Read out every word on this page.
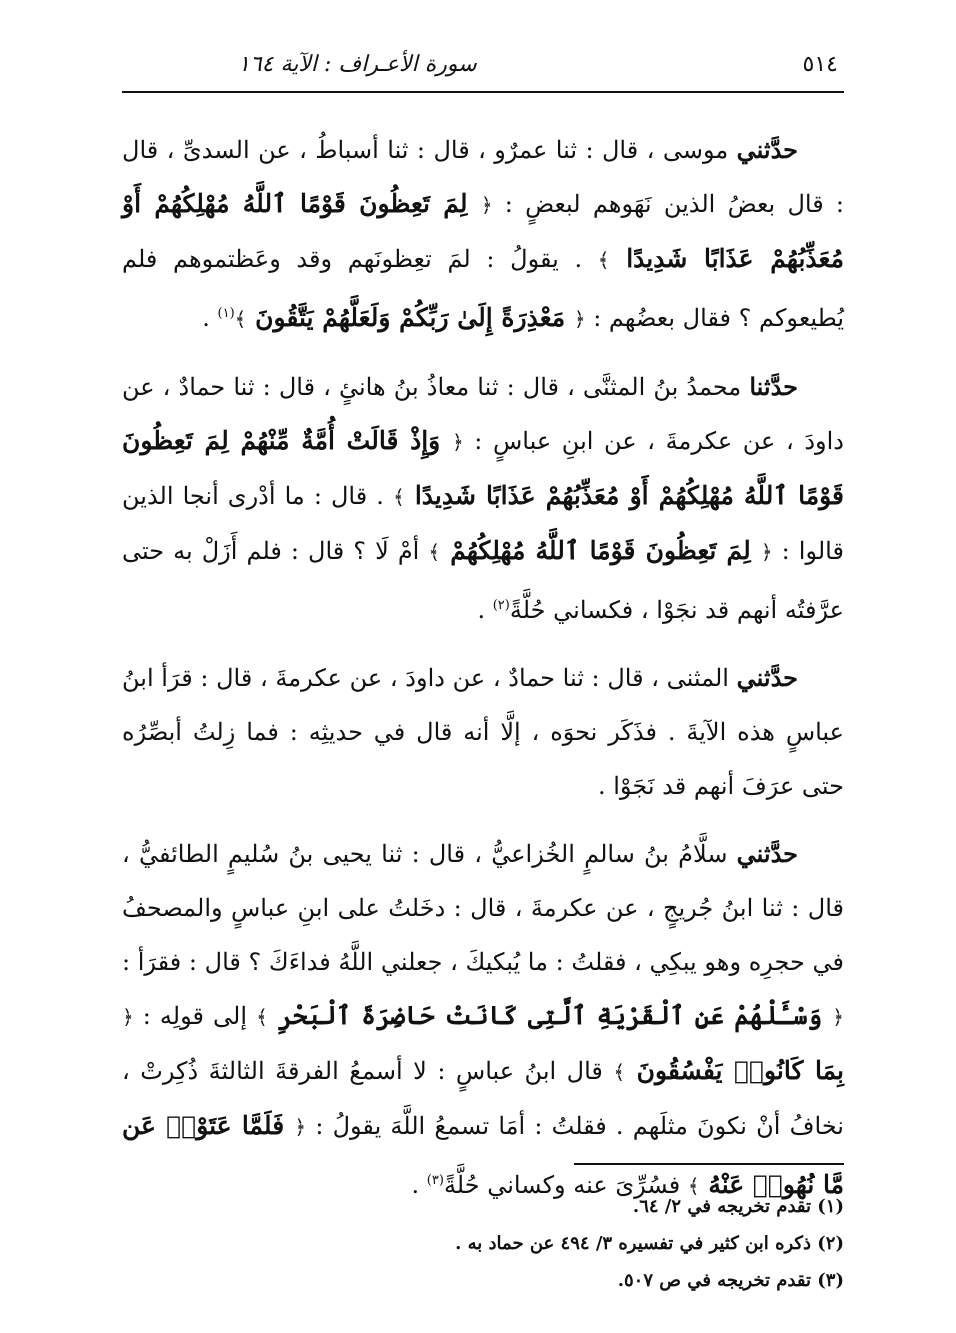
٥١٤
سورة الأعـراف : الآية ١٦٤

حدَّثني موسى ، قال : ثنا عمرٌو ، قال : ثنا أسباطُ ، عن السدىِّ ، قال : قال بعضُ الذين نَهَوهم لبعضٍ : ﴿ لِمَ تَعِظُونَ قَوْمًا ٱللَّهُ مُهْلِكُهُمْ أَوْ مُعَذِّبُهُمْ عَذَابًا شَدِيدًا ﴾ . يقولُ : لمَ تعِظونَهم وقد وعَظتموهم فلم يُطيعوكم ؟ فقال بعضُهم : ﴿ مَعْذِرَةً إِلَىٰ رَبِّكُمْ وَلَعَلَّهُمْ يَتَّقُونَ ﴾$^{(١)}$ .

حدَّثنا محمدُ بنُ المثنَّى ، قال : ثنا معاذُ بنُ هانئٍ ، قال : ثنا حمادٌ ، عن داودَ ، عن عكرمةَ ، عن ابنِ عباسٍ : ﴿ وَإِذْ قَالَتْ أُمَّةٌ مِّنْهُمْ لِمَ تَعِظُونَ قَوْمًا ٱللَّهُ مُهْلِكُهُمْ أَوْ مُعَذِّبُهُمْ عَذَابًا شَدِيدًا ﴾ . قال : ما أدْرى أنجا الذين قالوا : ﴿ لِمَ تَعِظُونَ قَوْمًا ٱللَّهُ مُهْلِكُهُمْ ﴾ أمْ لَا ؟ قال : فلم أَزَلْ به حتى عرَّفتُه أنهم قد نجَوْا ، فكساني حُلَّةً$^{(٢)}$ .

حدَّثني المثنى ، قال : ثنا حمادٌ ، عن داودَ ، عن عكرمةَ ، قال : قرَأ ابنُ عباسٍ هذه الآيةَ . فذَكَر نحوَه ، إلَّا أنه قال في حديثِه : فما زِلتُ أبصِّرُه حتى عرَفَ أنهم قد نَجَوْا .

حدَّثني سلَّامُ بنُ سالمٍ الخُزاعيُّ ، قال : ثنا يحيى بنُ سُليمٍ الطائفيُّ ، قال : ثنا ابنُ جُريجٍ ، عن عكرمةَ ، قال : دخَلتُ على ابنِ عباسٍ والمصحفُ في حجرِه وهو يبكِي ، فقلتُ : ما يُبكيكَ ، جعلني اللَّهُ فداءَكَ ؟ قال : فقرَأ : ﴿ وَسْـَٔلْهُمْ عَنِ ٱلْقَرْيَةِ ٱلَّتِى كَانَتْ حَاضِرَةَ ٱلْبَحْرِ ﴾ إلى قولِه : ﴿ بِمَا كَانُوا۟ يَفْسُقُونَ ﴾ قال ابنُ عباسٍ : لا أسمعُ الفرقةَ الثالثةَ ذُكِرتْ ، نخافُ أنْ نكونَ مثلَهم . فقلتُ : أمَا تسمعُ اللَّهَ يقولُ : ﴿ فَلَمَّا عَتَوْا۟ عَن مَّا نُهُوا۟ عَنْهُ ﴾ فسُرِّىَ عنه وكساني حُلَّةً$^{(٣)}$ .

(١) تقدم تخريجه في ٢/ ٦٤.
(٢) ذكره ابن كثير في تفسيره ٣/ ٤٩٤ عن حماد به .
(٣) تقدم تخريجه في ص ٥٠٧.
